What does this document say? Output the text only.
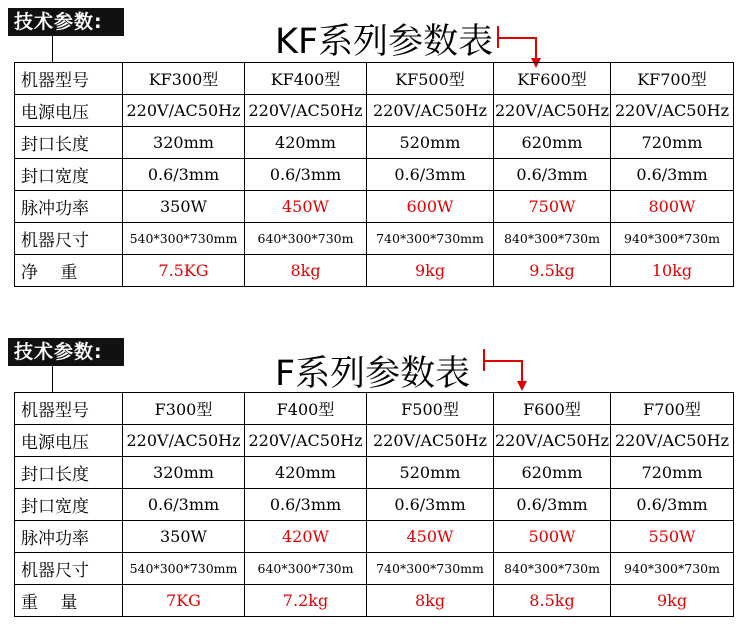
技术参数:	KF系列参数表
机器型号	KF300型	KF400型	KF500型	KF600型	KF700型
电源电压	220V/AC50Hz	220V/AC50Hz	220V/AC50Hz	220V/AC50Hz	220V/AC50Hz
封口长度	320mm	420mm	520mm	620mm	720mm
封口宽度	0.6/3mm	0.6/3mm	0.6/3mm	0.6/3mm	0.6/3mm
脉冲功率	350W	450W	600W	750W	800W
机器尺寸	540*300*730mm	640*300*730m	740*300*730mm	840*300*730m	940*300*730m
净　 重	7.5KG	8kg	9kg	9.5kg	10kg
技术参数:
F系列参数表
机器型号	F300型	F400型	F500型	F600型	F700型
电源电压	220V/AC50Hz	220V/AC50Hz	220V/AC50Hz	220V/AC50Hz	220V/AC50Hz
封口长度	320mm	420mm	520mm	620mm	720mm
封口宽度	0.6/3mm	0.6/3mm	0.6/3mm	0.6/3mm	0.6/3mm
脉冲功率	350W	420W	450W	500W	550W
机器尺寸	540*300*730mm	640*300*730m	740*300*730mm	840*300*730m	940*300*730m
重　 量	7KG	7.2kg	8kg	8.5kg	9kg
